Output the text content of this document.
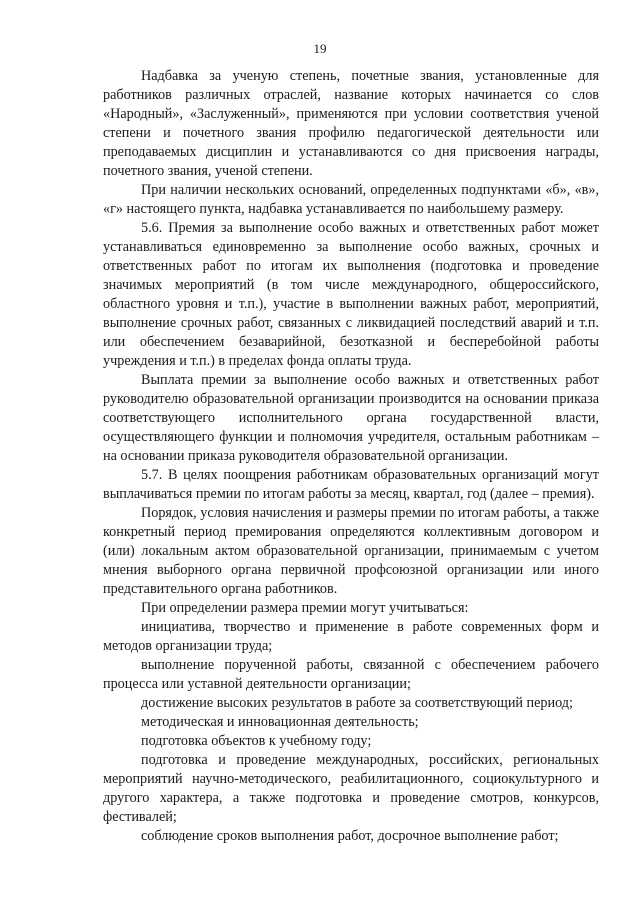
19

Надбавка за ученую степень, почетные звания, установленные для работников различных отраслей, название которых начинается со слов «Народный», «Заслуженный», применяются при условии соответствия ученой степени и почетного звания профилю педагогической деятельности или преподаваемых дисциплин и устанавливаются со дня присвоения награды, почетного звания, ученой степени.

При наличии нескольких оснований, определенных подпунктами «б», «в», «г» настоящего пункта, надбавка устанавливается по наибольшему размеру.

5.6. Премия за выполнение особо важных и ответственных работ может устанавливаться единовременно за выполнение особо важных, срочных и ответственных работ по итогам их выполнения (подготовка и проведение значимых мероприятий (в том числе международного, общероссийского, областного уровня и т.п.), участие в выполнении важных работ, мероприятий, выполнение срочных работ, связанных с ликвидацией последствий аварий и т.п. или обеспечением безаварийной, безотказной и бесперебойной работы учреждения и т.п.) в пределах фонда оплаты труда.

Выплата премии за выполнение особо важных и ответственных работ руководителю образовательной организации производится на основании приказа соответствующего исполнительного органа государственной власти, осуществляющего функции и полномочия учредителя, остальным работникам – на основании приказа руководителя образовательной организации.

5.7. В целях поощрения работникам образовательных организаций могут выплачиваться премии по итогам работы за месяц, квартал, год (далее – премия).

Порядок, условия начисления и размеры премии по итогам работы, а также конкретный период премирования определяются коллективным договором и (или) локальным актом образовательной организации, принимаемым с учетом мнения выборного органа первичной профсоюзной организации или иного представительного органа работников.

При определении размера премии могут учитываться:

инициатива, творчество и применение в работе современных форм и методов организации труда;

выполнение порученной работы, связанной с обеспечением рабочего процесса или уставной деятельности организации;

достижение высоких результатов в работе за соответствующий период;

методическая и инновационная деятельность;

подготовка объектов к учебному году;

подготовка и проведение международных, российских, региональных мероприятий научно-методического, реабилитационного, социокультурного и другого характера, а также подготовка и проведение смотров, конкурсов, фестивалей;

соблюдение сроков выполнения работ, досрочное выполнение работ;
